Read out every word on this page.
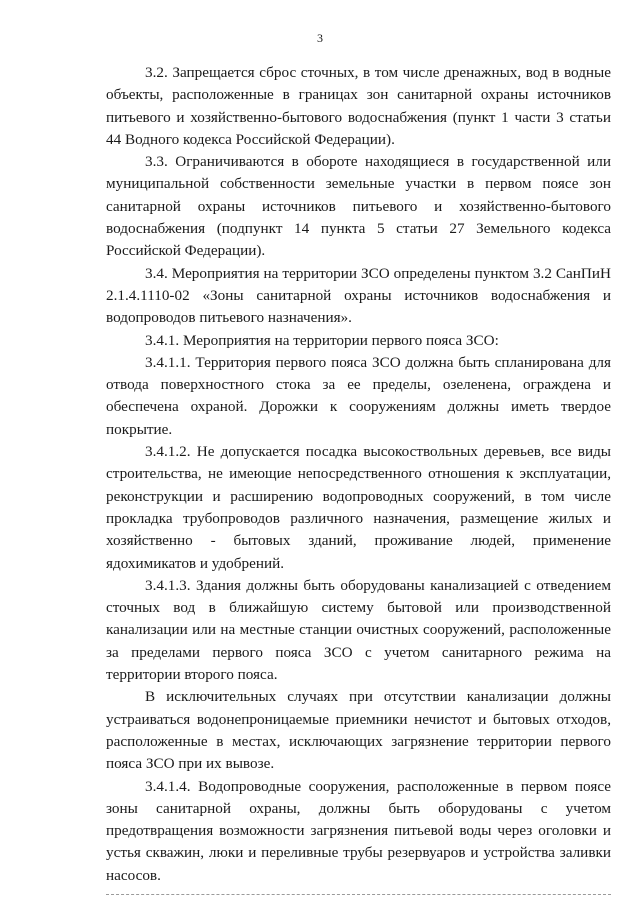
3

3.2. Запрещается сброс сточных, в том числе дренажных, вод в водные объекты, расположенные в границах зон санитарной охраны источников питьевого и хозяйственно-бытового водоснабжения (пункт 1 части 3 статьи 44 Водного кодекса Российской Федерации).

3.3. Ограничиваются в обороте находящиеся в государственной или муниципальной собственности земельные участки в первом поясе зон санитарной охраны источников питьевого и хозяйственно-бытового водоснабжения (подпункт 14 пункта 5 статьи 27 Земельного кодекса Российской Федерации).

3.4. Мероприятия на территории ЗСО определены пунктом 3.2 СанПиН 2.1.4.1110-02 «Зоны санитарной охраны источников водоснабжения и водопроводов питьевого назначения».

3.4.1. Мероприятия на территории первого пояса ЗСО:

3.4.1.1. Территория первого пояса ЗСО должна быть спланирована для отвода поверхностного стока за ее пределы, озеленена, ограждена и обеспечена охраной. Дорожки к сооружениям должны иметь твердое покрытие.

3.4.1.2. Не допускается посадка высокоствольных деревьев, все виды строительства, не имеющие непосредственного отношения к эксплуатации, реконструкции и расширению водопроводных сооружений, в том числе прокладка трубопроводов различного назначения, размещение жилых и хозяйственно - бытовых зданий, проживание людей, применение ядохимикатов и удобрений.

3.4.1.3. Здания должны быть оборудованы канализацией с отведением сточных вод в ближайшую систему бытовой или производственной канализации или на местные станции очистных сооружений, расположенные за пределами первого пояса ЗСО с учетом санитарного режима на территории второго пояса.

В исключительных случаях при отсутствии канализации должны устраиваться водонепроницаемые приемники нечистот и бытовых отходов, расположенные в местах, исключающих загрязнение территории первого пояса ЗСО при их вывозе.

3.4.1.4. Водопроводные сооружения, расположенные в первом поясе зоны санитарной охраны, должны быть оборудованы с учетом предотвращения возможности загрязнения питьевой воды через оголовки и устья скважин, люки и переливные трубы резервуаров и устройства заливки насосов.
